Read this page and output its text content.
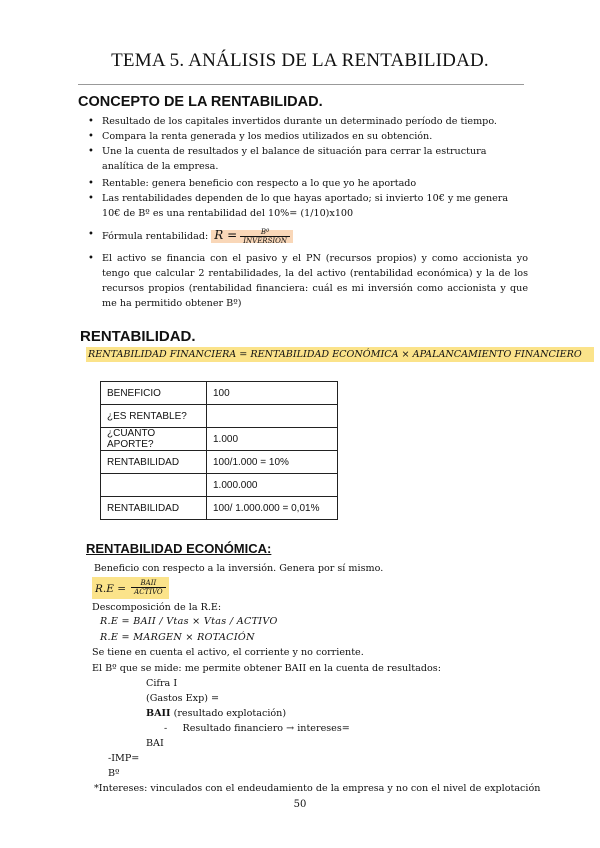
TEMA 5. ANÁLISIS DE LA RENTABILIDAD.
CONCEPTO DE LA RENTABILIDAD.
• Resultado de los capitales invertidos durante un determinado período de tiempo.
• Compara la renta generada y los medios utilizados en su obtención.
• Une la cuenta de resultados y el balance de situación para cerrar la estructura analítica de la empresa.
• Rentable: genera beneficio con respecto a lo que yo he aportado
• Las rentabilidades dependen de lo que hayas aportado; si invierto 10€ y me genera 10€ de Bº es una rentabilidad del 10%= (1/10)x100
• Fórmula rentabilidad: $R = \frac{\text{Bº}}{\text{INVERSIÓN}}$
• El activo se financia con el pasivo y el PN (recursos propios) y como accionista yo tengo que calcular 2 rentabilidades, la del activo (rentabilidad económica) y la de los recursos propios (rentabilidad financiera: cuál es mi inversión como accionista y que me ha permitido obtener Bº)
RENTABILIDAD.
RENTABILIDAD FINANCIERA = RENTABILIDAD ECONÓMICA × APALANCAMIENTO FINANCIERO
BENEFICIO	100
¿ES RENTABLE?	
¿CUANTO APORTE?	1.000
RENTABILIDAD	100/1.000 = 10%
	1.000.000
RENTABILIDAD	100/ 1.000.000 = 0,01%
RENTABILIDAD ECONÓMICA:
Beneficio con respecto a la inversión. Genera por sí mismo.
$R.E = \frac{\text{BAII}}{\text{ACTIVO}}$
Descomposición de la R.E:
R.E = BAII / Vtas × Vtas / ACTIVO
R.E = MARGEN × ROTACIÓN
Se tiene en cuenta el activo, el corriente y no corriente.
El Bº que se mide: me permite obtener BAII en la cuenta de resultados:
Cifra I
(Gastos Exp) =
BAII (resultado explotación)
- Resultado financiero → intereses=
BAI
-IMP=
Bº
*Intereses: vinculados con el endeudamiento de la empresa y no con el nivel de explotación
50
